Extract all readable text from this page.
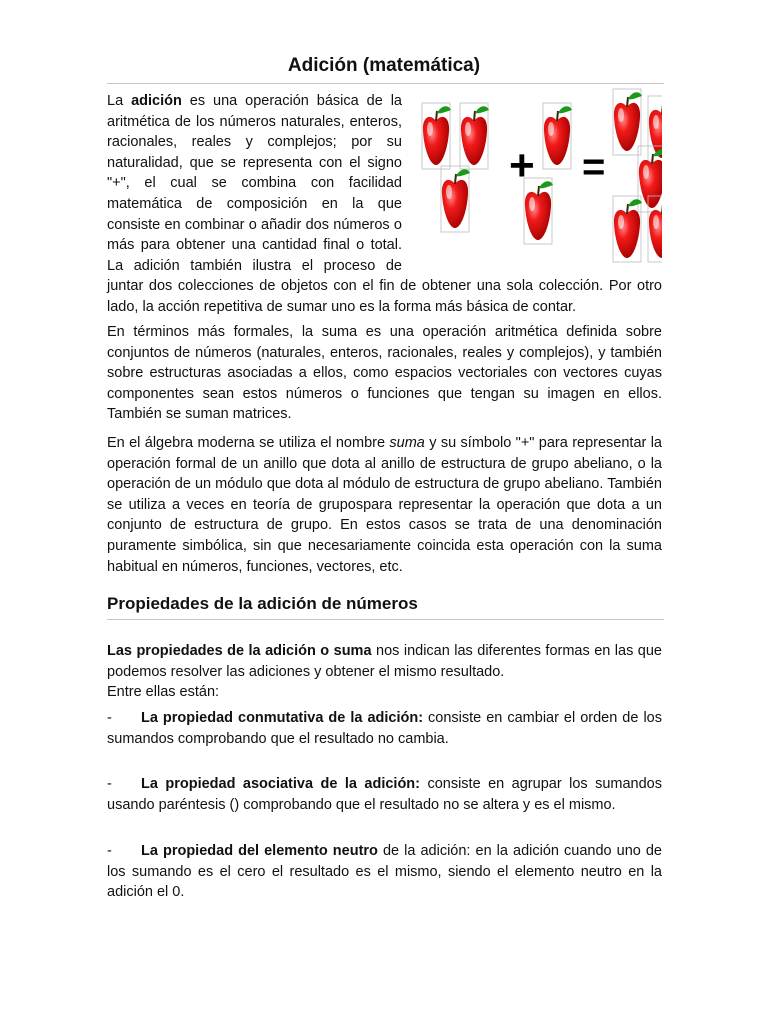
Adición (matemática)
+ =
La adición es una operación básica de la aritmética de los números naturales, enteros, racionales, reales y complejos; por su naturalidad, que se representa con el signo "+", el cual se combina con facilidad matemática de composición en la que consiste en combinar o añadir dos números o más para obtener una cantidad final o total. La adición también ilustra el proceso de juntar dos colecciones de objetos con el fin de obtener una sola colección. Por otro lado, la acción repetitiva de sumar uno es la forma más básica de contar.

En términos más formales, la suma es una operación aritmética definida sobre conjuntos de números (naturales, enteros, racionales, reales y complejos), y también sobre estructuras asociadas a ellos, como espacios vectoriales con vectores cuyas componentes sean estos números o funciones que tengan su imagen en ellos. También se suman matrices.

En el álgebra moderna se utiliza el nombre suma y su símbolo "+" para representar la operación formal de un anillo que dota al anillo de estructura de grupo abeliano, o la operación de un módulo que dota al módulo de estructura de grupo abeliano. También se utiliza a veces en teoría de grupospara representar la operación que dota a un conjunto de estructura de grupo. En estos casos se trata de una denominación puramente simbólica, sin que necesariamente coincida esta operación con la suma habitual en números, funciones, vectores, etc.

Propiedades de la adición de números

Las propiedades de la adición o suma nos indican las diferentes formas en las que podemos resolver las adiciones y obtener el mismo resultado.
Entre ellas están:

- La propiedad conmutativa de la adición: consiste en cambiar el orden de los sumandos comprobando que el resultado no cambia.

- La propiedad asociativa de la adición: consiste en agrupar los sumandos usando paréntesis () comprobando que el resultado no se altera y es el mismo.

- La propiedad del elemento neutro de la adición: en la adición cuando uno de los sumando es el cero el resultado es el mismo, siendo el elemento neutro en la adición el 0.
